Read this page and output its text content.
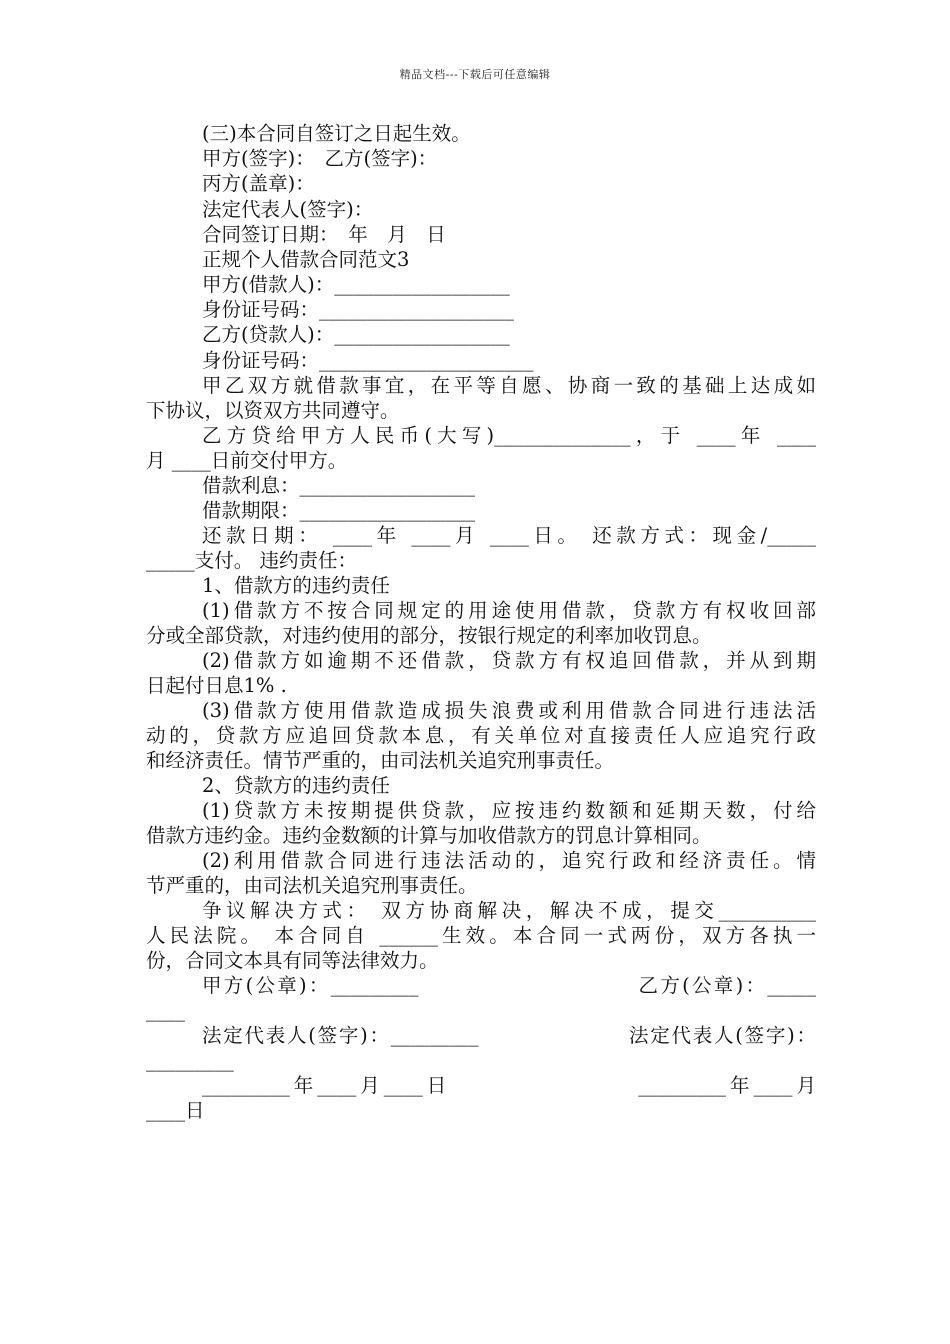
精品文档---下载后可任意编辑
(三)本合同自签订之日起生效。
甲方(签字)：　乙方(签字)：
丙方(盖章)：
法定代表人(签字)：
合同签订日期：　年　月　日
正规个人借款合同范文3
甲方(借款人)：__________________
身份证号码：____________________
乙方(贷款人)：__________________
身份证号码：______________________
甲乙双方就借款事宜，在平等自愿、协商一致的基础上达成如
下协议，以资双方共同遵守。
乙方贷给甲方人民币(大写)______________，于 ____年 ____
月 ____日前交付甲方。
借款利息：__________________
借款期限：__________________
还款日期： ____年 ____月 ____日。 还款方式：现金/_____
_____支付。 违约责任：
1、借款方的违约责任
(1)借款方不按合同规定的用途使用借款，贷款方有权收回部
分或全部贷款，对违约使用的部分，按银行规定的利率加收罚息。
(2)借款方如逾期不还借款，贷款方有权追回借款，并从到期
日起付日息1% .
(3)借款方使用借款造成损失浪费或利用借款合同进行违法活
动的，贷款方应追回贷款本息，有关单位对直接责任人应追究行政
和经济责任。情节严重的，由司法机关追究刑事责任。
2、贷款方的违约责任
(1)贷款方未按期提供贷款，应按违约数额和延期天数，付给
借款方违约金。违约金数额的计算与加收借款方的罚息计算相同。
(2)利用借款合同进行违法活动的，追究行政和经济责任。情
节严重的，由司法机关追究刑事责任。
争议解决方式： 双方协商解决，解决不成，提交__________
人民法院。 本合同自 ______生效。本合同一式两份，双方各执一
份，合同文本具有同等法律效力。
甲方(公章)：_________　　　　　　　　　　乙方(公章)：_____
____
法定代表人(签字)：_________　　　　　　　法定代表人(签字)：
_________
_________年____月____日　　　　　　　　_________年____月
____日
